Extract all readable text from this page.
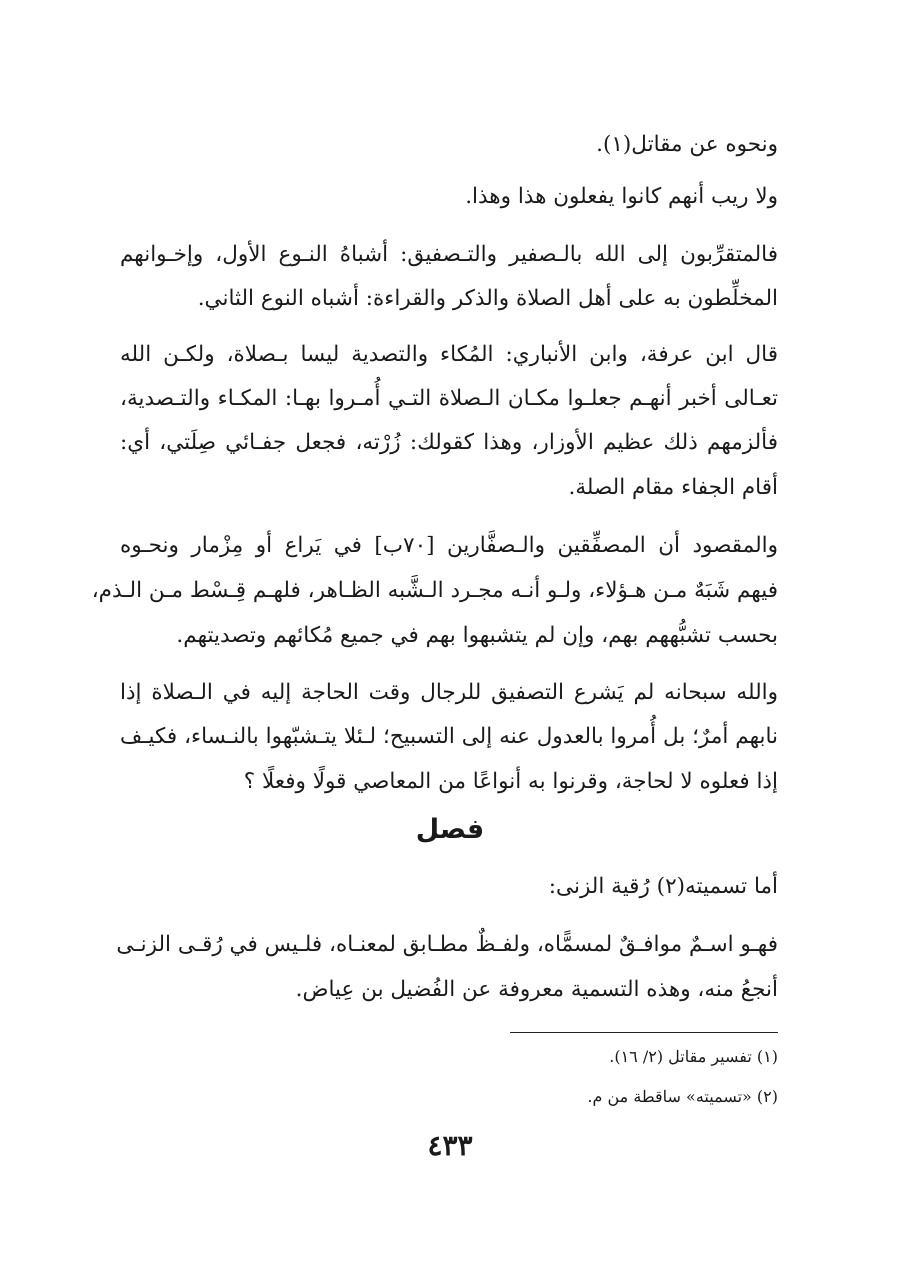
ونحوه عن مقاتل(١).
ولا ريب أنهم كانوا يفعلون هذا وهذا.
فالمتقرِّبون إلى الله بالـصفير والتـصفيق: أشباهُ النـوع الأول، وإخـوانهم
المخلِّطون به على أهل الصلاة والذكر والقراءة: أشباه النوع الثاني.
قال ابن عرفة، وابن الأنباري: المُكاء والتصدية ليسا بـصلاة، ولكـن الله
تعـالى أخبر أنهـم جعلـوا مكـان الـصلاة التـي أُمـروا بهـا: المكـاء والتـصدية،
فألزمهم ذلك عظيم الأوزار، وهذا كقولك: زُرْته، فجعل جفـائي صِلَتي، أي:
أقام الجفاء مقام الصلة.
والمقصود أن المصفِّقين والـصفَّارين [٧٠ب] في يَراع أو مِزْمار ونحـوه
فيهم شَبَهٌ مـن هـؤلاء، ولـو أنـه مجـرد الـشَّبه الظـاهر، فلهـم قِـسْط مـن الـذم،
بحسب تشبُّههم بهم، وإن لم يتشبهوا بهم في جميع مُكائهم وتصديتهم.
والله سبحانه لم يَشرع التصفيق للرجال وقت الحاجة إليه في الـصلاة إذا
نابهم أمرٌ؛ بل أُمروا بالعدول عنه إلى التسبيح؛ لـئلا يتـشبّهوا بالنـساء، فكيـف
إذا فعلوه لا لحاجة، وقرنوا به أنواعًا من المعاصي قولًا وفعلًا ؟
فصل
أما تسميته(٢) رُقية الزنى:
فهـو اسـمٌ موافـقٌ لمسمًّاه، ولفـظٌ مطـابق لمعنـاه، فلـيس في رُقـى الزنـى
أنجعُ منه، وهذه التسمية معروفة عن الفُضيل بن عِياض.
(١) تفسير مقاتل (٢/ ١٦).
(٢) «تسميته» ساقطة من م.
٤٣٣
